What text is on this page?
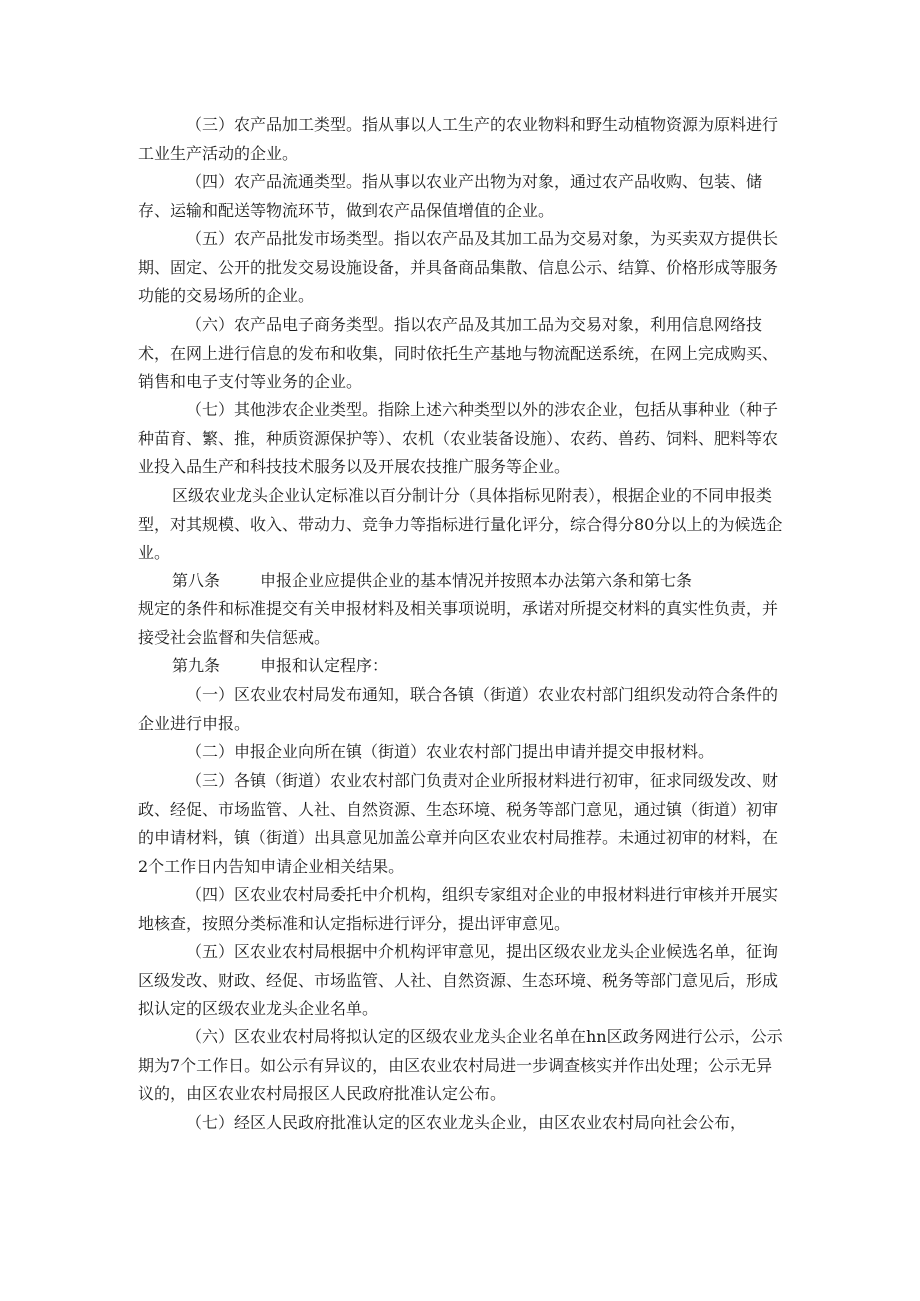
（三）农产品加工类型。指从事以人工生产的农业物料和野生动植物资源为原料进行工业生产活动的企业。

（四）农产品流通类型。指从事以农业产出物为对象，通过农产品收购、包装、储存、运输和配送等物流环节，做到农产品保值增值的企业。

（五）农产品批发市场类型。指以农产品及其加工品为交易对象，为买卖双方提供长期、固定、公开的批发交易设施设备，并具备商品集散、信息公示、结算、价格形成等服务功能的交易场所的企业。

（六）农产品电子商务类型。指以农产品及其加工品为交易对象，利用信息网络技术，在网上进行信息的发布和收集，同时依托生产基地与物流配送系统，在网上完成购买、销售和电子支付等业务的企业。

（七）其他涉农企业类型。指除上述六种类型以外的涉农企业，包括从事种业（种子种苗育、繁、推，种质资源保护等）、农机（农业装备设施）、农药、兽药、饲料、肥料等农业投入品生产和科技技术服务以及开展农技推广服务等企业。

区级农业龙头企业认定标准以百分制计分（具体指标见附表），根据企业的不同申报类型，对其规模、收入、带动力、竞争力等指标进行量化评分，综合得分80分以上的为候选企业。

第八条 申报企业应提供企业的基本情况并按照本办法第六条和第七条

规定的条件和标准提交有关申报材料及相关事项说明，承诺对所提交材料的真实性负责，并接受社会监督和失信惩戒。

第九条 申报和认定程序：

（一）区农业农村局发布通知，联合各镇（街道）农业农村部门组织发动符合条件的企业进行申报。

（二）申报企业向所在镇（街道）农业农村部门提出申请并提交申报材料。

（三）各镇（街道）农业农村部门负责对企业所报材料进行初审，征求同级发改、财政、经促、市场监管、人社、自然资源、生态环境、税务等部门意见，通过镇（街道）初审的申请材料，镇（街道）出具意见加盖公章并向区农业农村局推荐。未通过初审的材料，在2个工作日内告知申请企业相关结果。

（四）区农业农村局委托中介机构，组织专家组对企业的申报材料进行审核并开展实地核查，按照分类标准和认定指标进行评分，提出评审意见。

（五）区农业农村局根据中介机构评审意见，提出区级农业龙头企业候选名单，征询区级发改、财政、经促、市场监管、人社、自然资源、生态环境、税务等部门意见后，形成拟认定的区级农业龙头企业名单。

（六）区农业农村局将拟认定的区级农业龙头企业名单在hn区政务网进行公示，公示期为7个工作日。如公示有异议的，由区农业农村局进一步调查核实并作出处理；公示无异议的，由区农业农村局报区人民政府批准认定公布。

（七）经区人民政府批准认定的区农业龙头企业，由区农业农村局向社会公布，
